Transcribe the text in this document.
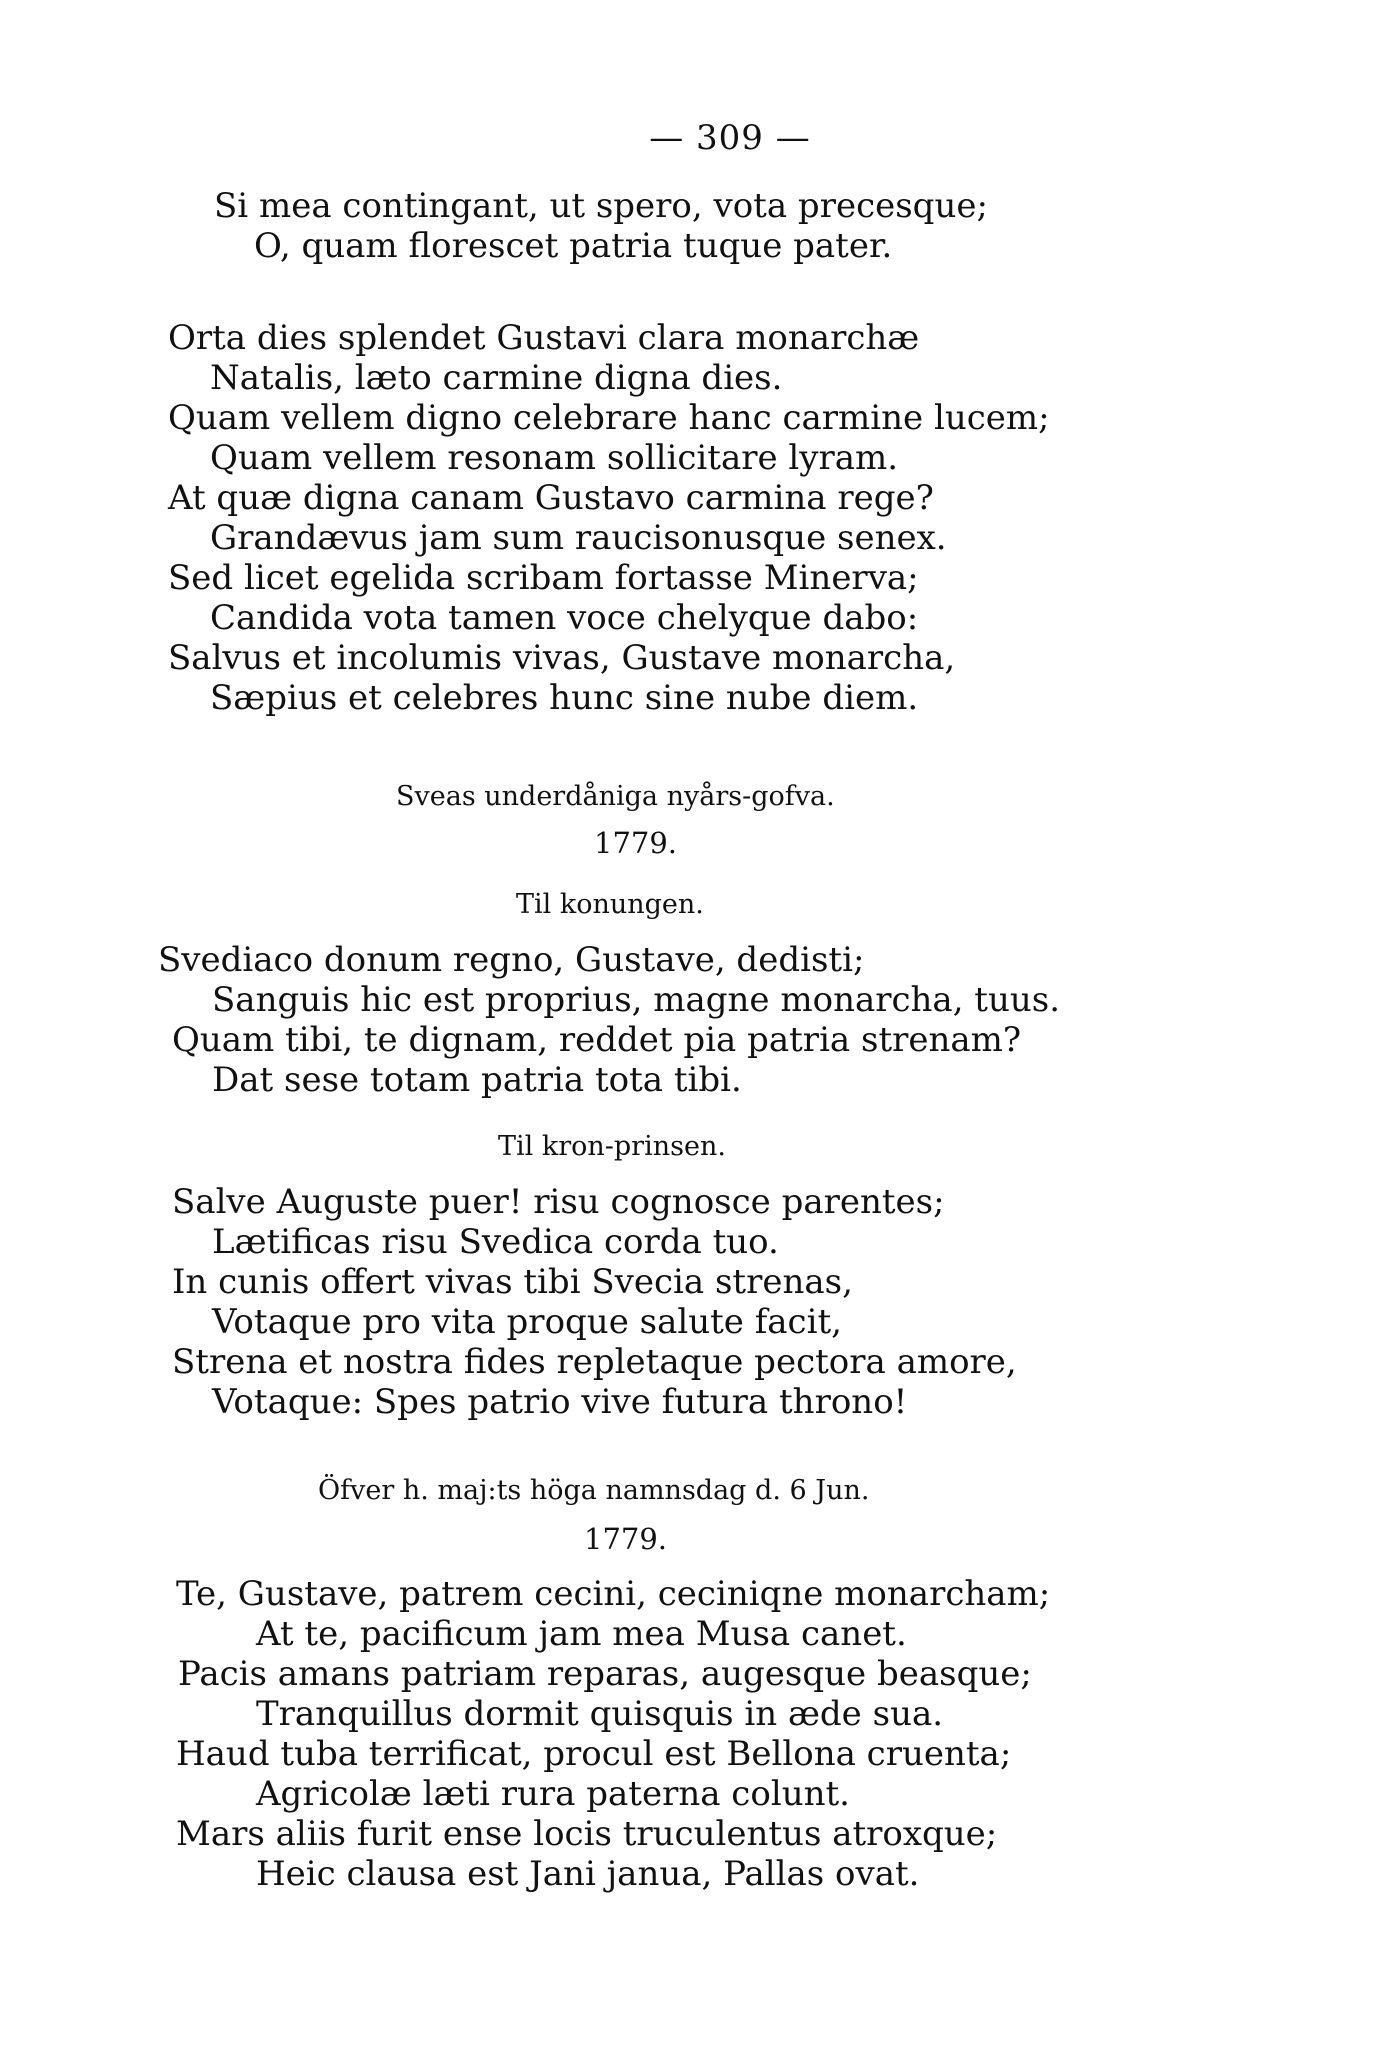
— 309 —
Si mea contingant, ut spero, vota precesque;
O, quam florescet patria tuque pater.
Orta dies splendet Gustavi clara monarchæ
Natalis, læto carmine digna dies.
Quam vellem digno celebrare hanc carmine lucem;
Quam vellem resonam sollicitare lyram.
At quæ digna canam Gustavo carmina rege?
Grandævus jam sum raucisonusque senex.
Sed licet egelida scribam fortasse Minerva;
Candida vota tamen voce chelyque dabo:
Salvus et incolumis vivas, Gustave monarcha,
Sæpius et celebres hunc sine nube diem.
Sveas underdåniga nyårs-gofva.
1779.
Til konungen.
Svediaco donum regno, Gustave, dedisti;
Sanguis hic est proprius, magne monarcha, tuus.
Quam tibi, te dignam, reddet pia patria strenam?
Dat sese totam patria tota tibi.
Til kron-prinsen.
Salve Auguste puer! risu cognosce parentes;
Lætificas risu Svedica corda tuo.
In cunis offert vivas tibi Svecia strenas,
Votaque pro vita proque salute facit,
Strena et nostra fides repletaque pectora amore,
Votaque: Spes patrio vive futura throno!
Öfver h. maj:ts höga namnsdag d. 6 Jun.
1779.
Te, Gustave, patrem cecini, ceciniqne monarcham;
At te, pacificum jam mea Musa canet.
Pacis amans patriam reparas, augesque beasque;
Tranquillus dormit quisquis in æde sua.
Haud tuba terrificat, procul est Bellona cruenta;
Agricolæ læti rura paterna colunt.
Mars aliis furit ense locis truculentus atroxque;
Heic clausa est Jani janua, Pallas ovat.
